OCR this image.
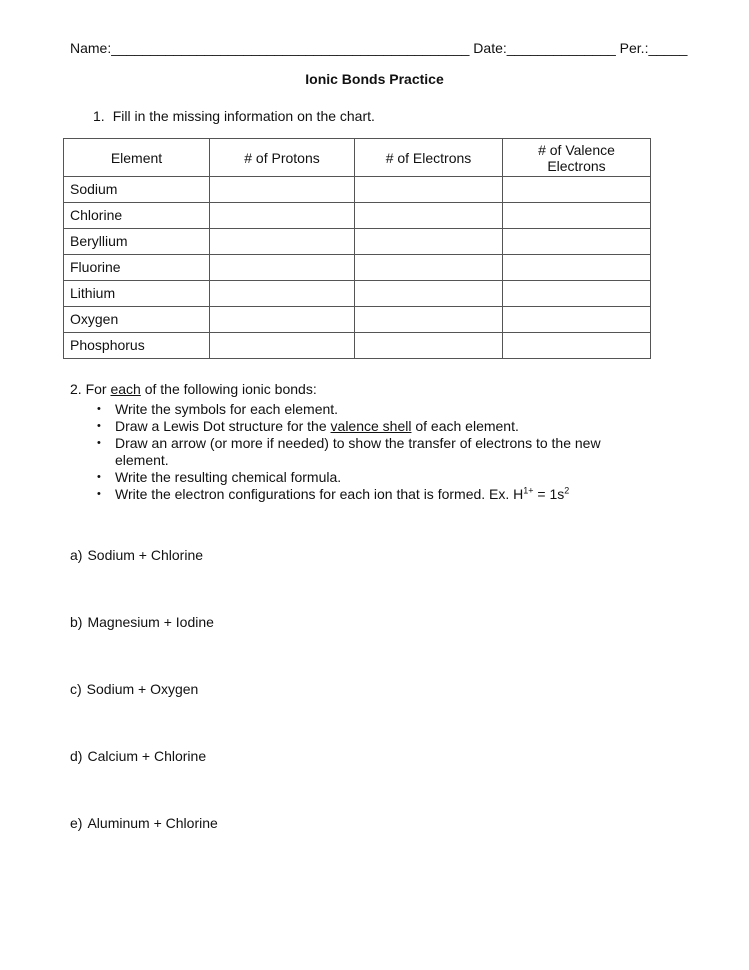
Name:______________________________________________ Date:______________ Per.:_____
Ionic Bonds Practice
1. Fill in the missing information on the chart.
Element	# of Protons	# of Electrons	# of Valence Electrons
Sodium			
Chlorine			
Beryllium			
Fluorine			
Lithium			
Oxygen			
Phosphorus			
2. For each of the following ionic bonds:
• Write the symbols for each element.
• Draw a Lewis Dot structure for the valence shell of each element.
• Draw an arrow (or more if needed) to show the transfer of electrons to the new element.
• Write the resulting chemical formula.
• Write the electron configurations for each ion that is formed. Ex. $H^{1+} = 1s^2$
a) Sodium + Chlorine
b) Magnesium + Iodine
c) Sodium + Oxygen
d) Calcium + Chlorine
e) Aluminum + Chlorine
